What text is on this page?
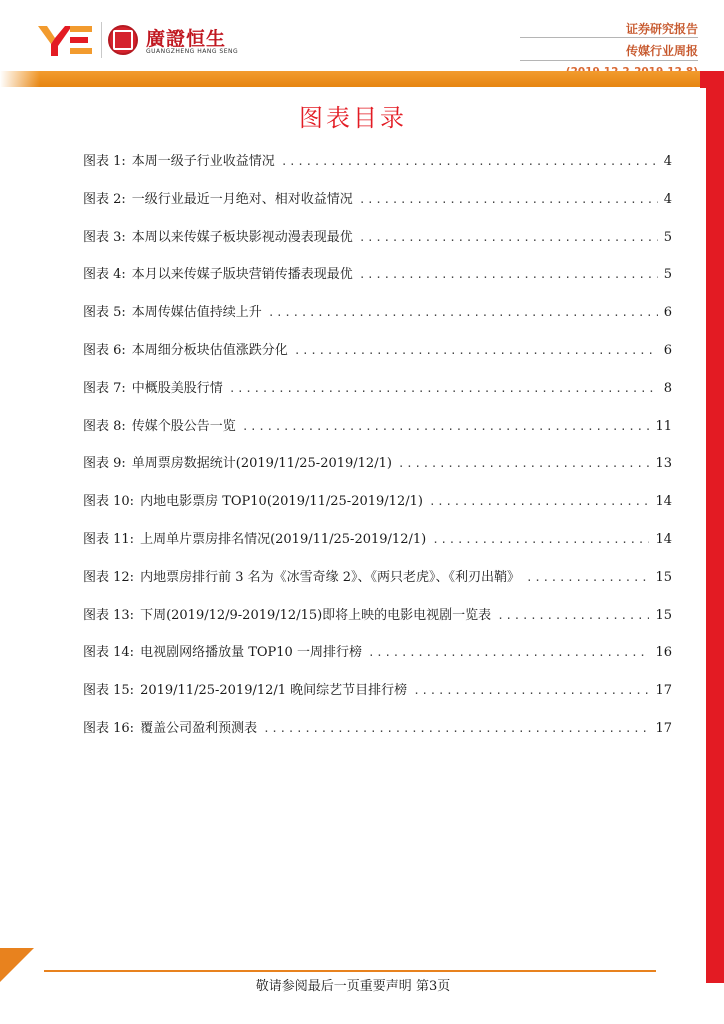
廣證恒生
GUANGZHENG HANG SENG
证券研究报告
传媒行业周报
图表目录
图表 1: 本周一级子行业收益情况 .....	4
图表 2: 一级行业最近一月绝对、相对收益情况 .....	4
图表 3: 本周以来传媒子板块影视动漫表现最优 .....	5
图表 4: 本月以来传媒子版块营销传播表现最优 .....	5
图表 5: 本周传媒估值持续上升 .....	6
图表 6: 本周细分板块估值涨跌分化 .....	6
图表 7: 中概股美股行情 .....	8
图表 8: 传媒个股公告一览 .....	11
图表 9: 单周票房数据统计(2019/11/25-2019/12/1) .....	13
图表 10: 内地电影票房 TOP10(2019/11/25-2019/12/1) .....	14
图表 11: 上周单片票房排名情况(2019/11/25-2019/12/1) .....	14
图表 12: 内地票房排行前 3 名为《冰雪奇缘 2》、《两只老虎》、《利刃出鞘》 .....	15
图表 13: 下周(2019/12/9-2019/12/15)即将上映的电影电视剧一览表 .....	15
图表 14: 电视剧网络播放量 TOP10 一周排行榜 .....	16
图表 15: 2019/11/25-2019/12/1 晚间综艺节目排行榜 .....	17
图表 16: 覆盖公司盈利预测表 .....	17
敬请参阅最后一页重要声明 第3页
